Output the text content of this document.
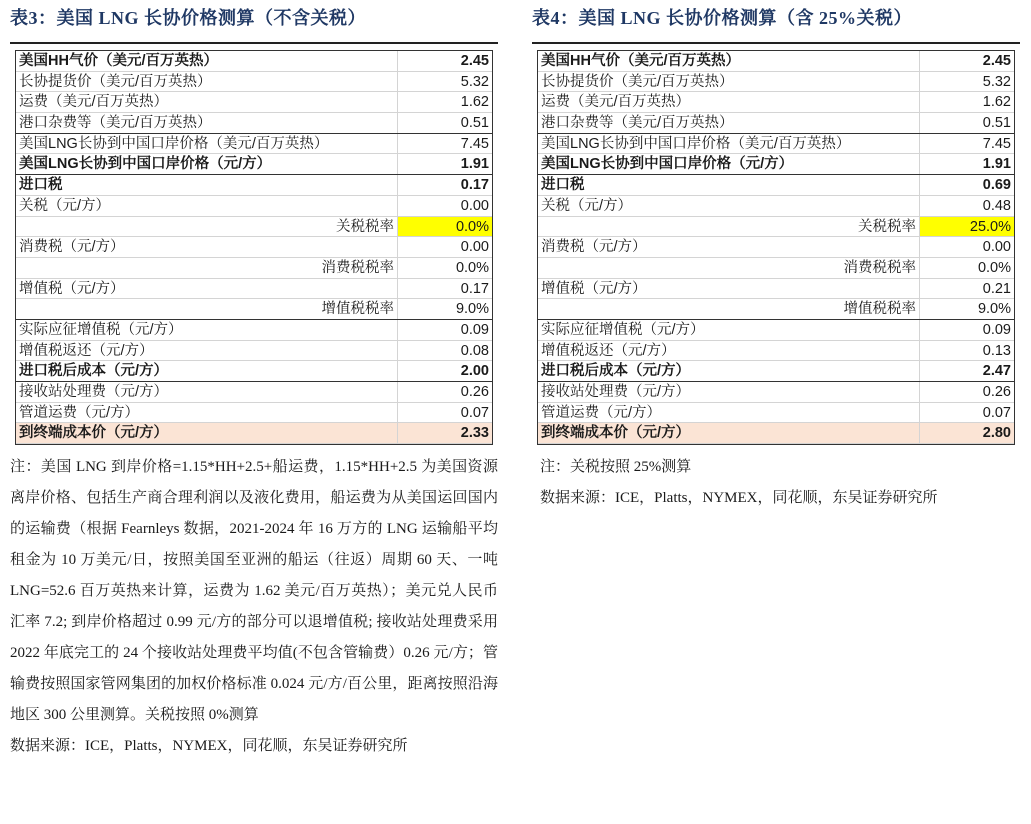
表3：美国 LNG 长协价格测算（不含关税）
美国HH气价（美元/百万英热）	2.45
长协提货价（美元/百万英热）	5.32
运费（美元/百万英热）	1.62
港口杂费等（美元/百万英热）	0.51
美国LNG长协到中国口岸价格（美元/百万英热）	7.45
美国LNG长协到中国口岸价格（元/方）	1.91
进口税	0.17
关税（元/方）	0.00
关税税率	0.0%
消费税（元/方）	0.00
消费税税率	0.0%
增值税（元/方）	0.17
增值税税率	9.0%
实际应征增值税（元/方）	0.09
增值税返还（元/方）	0.08
进口税后成本（元/方）	2.00
接收站处理费（元/方）	0.26
管道运费（元/方）	0.07
到终端成本价（元/方）	2.33
表4：美国 LNG 长协价格测算（含 25%关税）
美国HH气价（美元/百万英热）	2.45
长协提货价（美元/百万英热）	5.32
运费（美元/百万英热）	1.62
港口杂费等（美元/百万英热）	0.51
美国LNG长协到中国口岸价格（美元/百万英热）	7.45
美国LNG长协到中国口岸价格（元/方）	1.91
进口税	0.69
关税（元/方）	0.48
关税税率	25.0%
消费税（元/方）	0.00
消费税税率	0.0%
增值税（元/方）	0.21
增值税税率	9.0%
实际应征增值税（元/方）	0.09
增值税返还（元/方）	0.13
进口税后成本（元/方）	2.47
接收站处理费（元/方）	0.26
管道运费（元/方）	0.07
到终端成本价（元/方）	2.80

注：美国 LNG 到岸价格=1.15*HH+2.5+船运费，1.15*HH+2.5 为美国资源离岸价格、包括生产商合理利润以及液化费用，船运费为从美国运回国内的运输费（根据 Fearnleys 数据，2021-2024 年 16 万方的 LNG 运输船平均租金为 10 万美元/日，按照美国至亚洲的船运（往返）周期 60 天、一吨 LNG=52.6 百万英热来计算，运费为 1.62 美元/百万英热）；美元兑人民币汇率 7.2; 到岸价格超过 0.99 元/方的部分可以退增值税; 接收站处理费采用 2022 年底完工的 24 个接收站处理费平均值(不包含管输费）0.26 元/方；管输费按照国家管网集团的加权价格标准 0.024 元/方/百公里，距离按照沿海地区 300 公里测算。关税按照 0%测算

数据来源：ICE，Platts，NYMEX，同花顺，东吴证券研究所

注：关税按照 25%测算

数据来源：ICE，Platts，NYMEX，同花顺，东吴证券研究所
